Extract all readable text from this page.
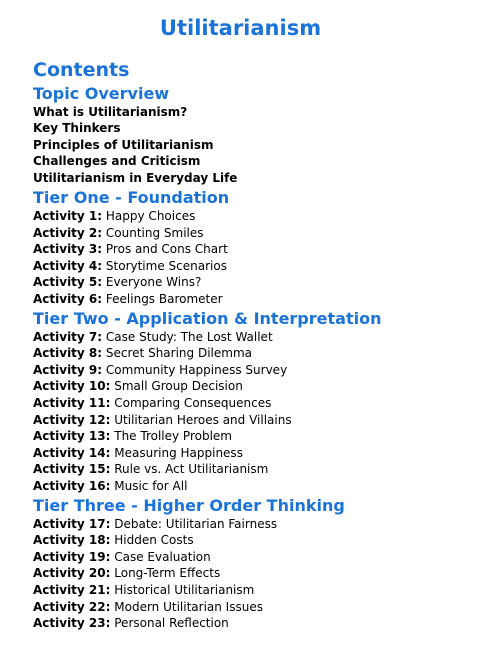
Utilitarianism
Contents
Topic Overview
What is Utilitarianism?
Key Thinkers
Principles of Utilitarianism
Challenges and Criticism
Utilitarianism in Everyday Life
Tier One - Foundation
Activity 1: Happy Choices
Activity 2: Counting Smiles
Activity 3: Pros and Cons Chart
Activity 4: Storytime Scenarios
Activity 5: Everyone Wins?
Activity 6: Feelings Barometer
Tier Two - Application & Interpretation
Activity 7: Case Study: The Lost Wallet
Activity 8: Secret Sharing Dilemma
Activity 9: Community Happiness Survey
Activity 10: Small Group Decision
Activity 11: Comparing Consequences
Activity 12: Utilitarian Heroes and Villains
Activity 13: The Trolley Problem
Activity 14: Measuring Happiness
Activity 15: Rule vs. Act Utilitarianism
Activity 16: Music for All
Tier Three - Higher Order Thinking
Activity 17: Debate: Utilitarian Fairness
Activity 18: Hidden Costs
Activity 19: Case Evaluation
Activity 20: Long-Term Effects
Activity 21: Historical Utilitarianism
Activity 22: Modern Utilitarian Issues
Activity 23: Personal Reflection
